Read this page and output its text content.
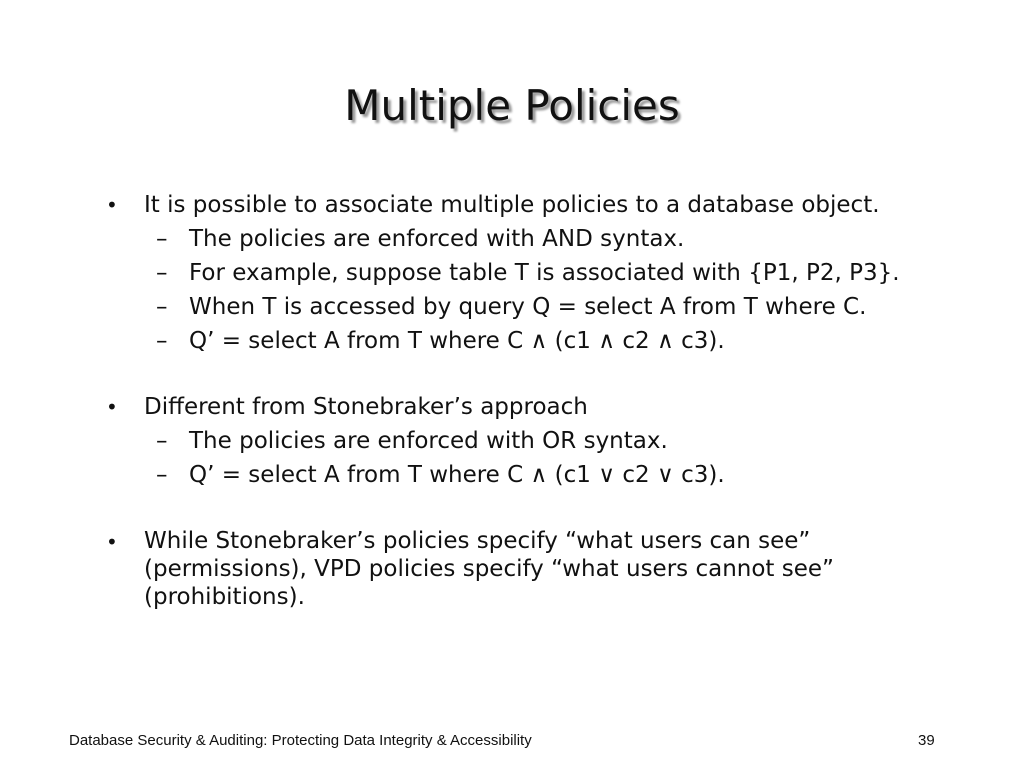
Multiple Policies
• It is possible to associate multiple policies to a database object.
– The policies are enforced with AND syntax.
– For example, suppose table T is associated with {P1, P2, P3}.
– When T is accessed by query Q = select A from T where C.
– Q’ = select A from T where C ∧ (c1 ∧ c2 ∧ c3).
• Different from Stonebraker’s approach
– The policies are enforced with OR syntax.
– Q’ = select A from T where C ∧ (c1 ∨ c2 ∨ c3).
• While Stonebraker’s policies specify “what users can see”
(permissions), VPD policies specify “what users cannot see”
(prohibitions).
Database Security & Auditing: Protecting Data Integrity & Accessibility	39
